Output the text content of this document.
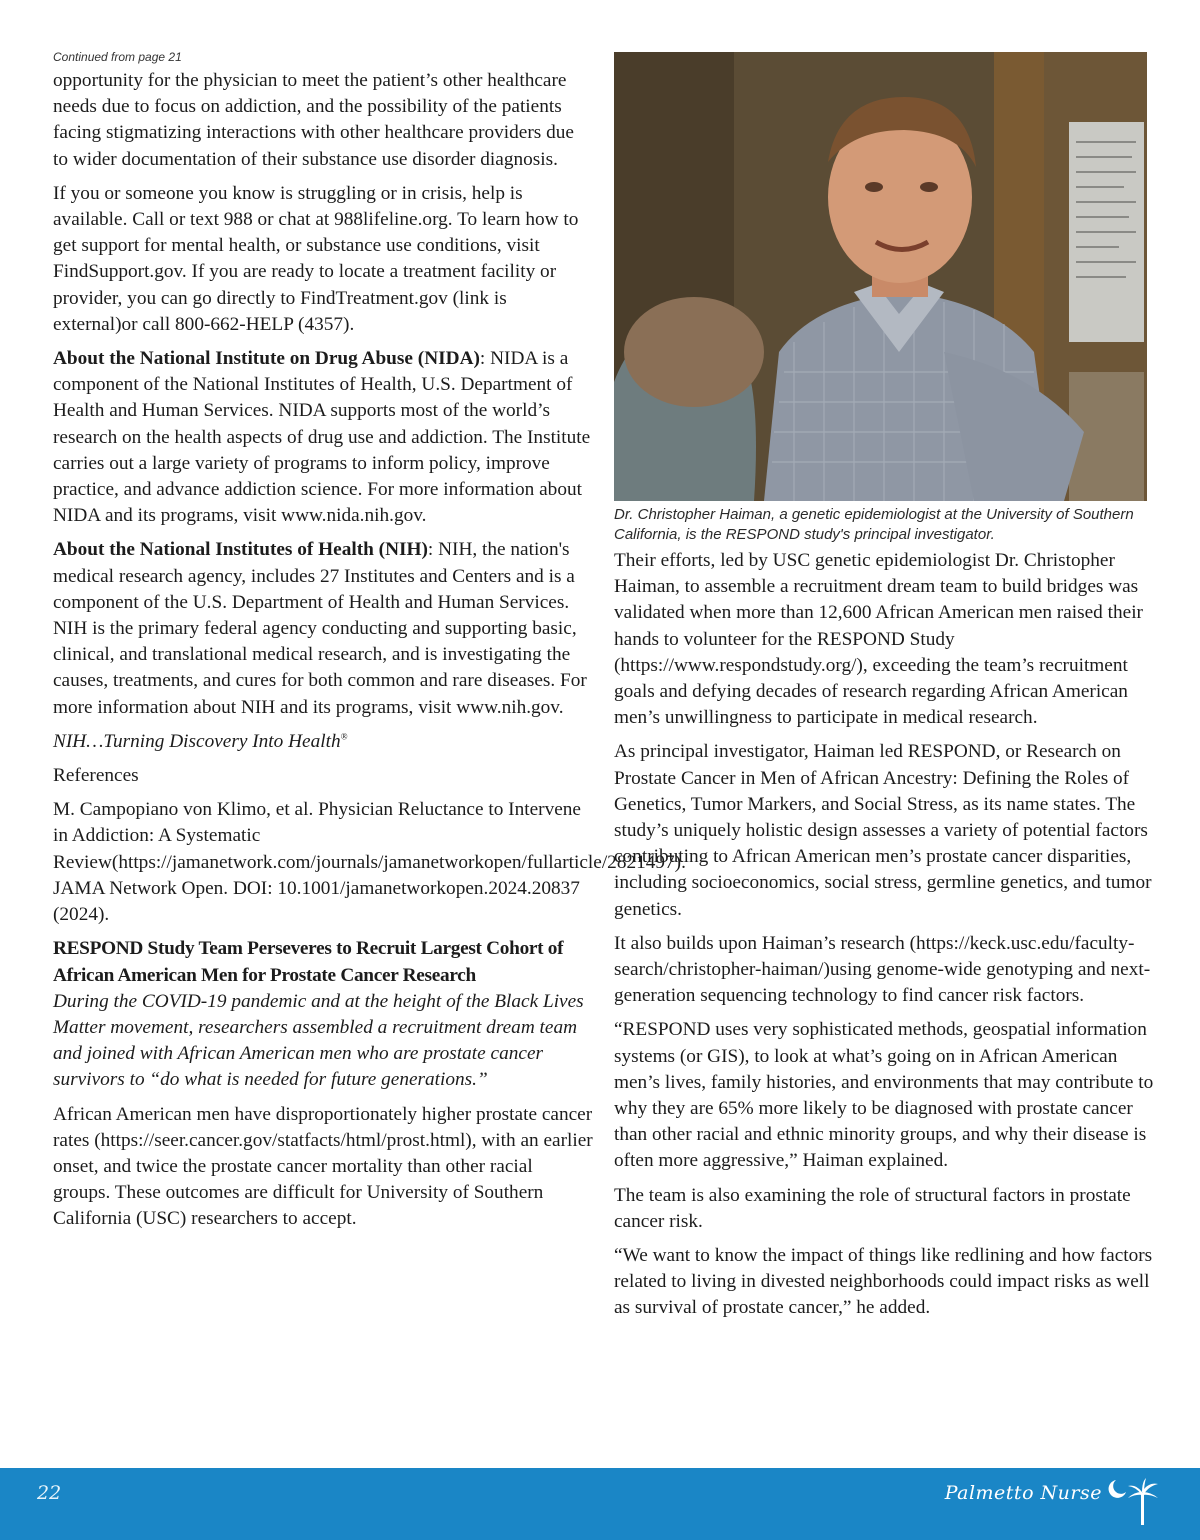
Continued from page 21

opportunity for the physician to meet the patient’s other healthcare needs due to focus on addiction, and the possibility of the patients facing stigmatizing interactions with other healthcare providers due to wider documentation of their substance use disorder diagnosis.

If you or someone you know is struggling or in crisis, help is available. Call or text 988 or chat at 988lifeline.org. To learn how to get support for mental health, or substance use conditions, visit FindSupport.gov. If you are ready to locate a treatment facility or provider, you can go directly to FindTreatment.gov (link is external)or call 800-662-HELP (4357).

About the National Institute on Drug Abuse (NIDA): NIDA is a component of the National Institutes of Health, U.S. Department of Health and Human Services. NIDA supports most of the world’s research on the health aspects of drug use and addiction. The Institute carries out a large variety of programs to inform policy, improve practice, and advance addiction science. For more information about NIDA and its programs, visit www.nida.nih.gov.

About the National Institutes of Health (NIH): NIH, the nation's medical research agency, includes 27 Institutes and Centers and is a component of the U.S. Department of Health and Human Services. NIH is the primary federal agency conducting and supporting basic, clinical, and translational medical research, and is investigating the causes, treatments, and cures for both common and rare diseases. For more information about NIH and its programs, visit www.nih.gov.

NIH…Turning Discovery Into Health®

References

M. Campopiano von Klimo, et al. Physician Reluctance to Intervene in Addiction: A Systematic Review(https://jamanetwork.com/journals/jamanetworkopen/fullarticle/2821497). JAMA Network Open. DOI: 10.1001/jamanetworkopen.2024.20837 (2024).

RESPOND Study Team Perseveres to Recruit Largest Cohort of African American Men for Prostate Cancer Research

During the COVID-19 pandemic and at the height of the Black Lives Matter movement, researchers assembled a recruitment dream team and joined with African American men who are prostate cancer survivors to “do what is needed for future generations.”

African American men have disproportionately higher prostate cancer rates (https://seer.cancer.gov/statfacts/html/prost.html), with an earlier onset, and twice the prostate cancer mortality than other racial groups. These outcomes are difficult for University of Southern California (USC) researchers to accept.

Dr. Christopher Haiman, a genetic epidemiologist at the University of Southern California, is the RESPOND study's principal investigator.

Their efforts, led by USC genetic epidemiologist Dr. Christopher Haiman, to assemble a recruitment dream team to build bridges was validated when more than 12,600 African American men raised their hands to volunteer for the RESPOND Study (https://www.respondstudy.org/), exceeding the team’s recruitment goals and defying decades of research regarding African American men’s unwillingness to participate in medical research.

As principal investigator, Haiman led RESPOND, or Research on Prostate Cancer in Men of African Ancestry: Defining the Roles of Genetics, Tumor Markers, and Social Stress, as its name states. The study’s uniquely holistic design assesses a variety of potential factors contributing to African American men’s prostate cancer disparities, including socioeconomics, social stress, germline genetics, and tumor genetics.

It also builds upon Haiman’s research (https://keck.usc.edu/faculty-search/christopher-haiman/)using genome-wide genotyping and next-generation sequencing technology to find cancer risk factors.

“RESPOND uses very sophisticated methods, geospatial information systems (or GIS), to look at what’s going on in African American men’s lives, family histories, and environments that may contribute to why they are 65% more likely to be diagnosed with prostate cancer than other racial and ethnic minority groups, and why their disease is often more aggressive,” Haiman explained.

The team is also examining the role of structural factors in prostate cancer risk.

“We want to know the impact of things like redlining and how factors related to living in divested neighborhoods could impact risks as well as survival of prostate cancer,” he added.

22	Palmetto Nurse
